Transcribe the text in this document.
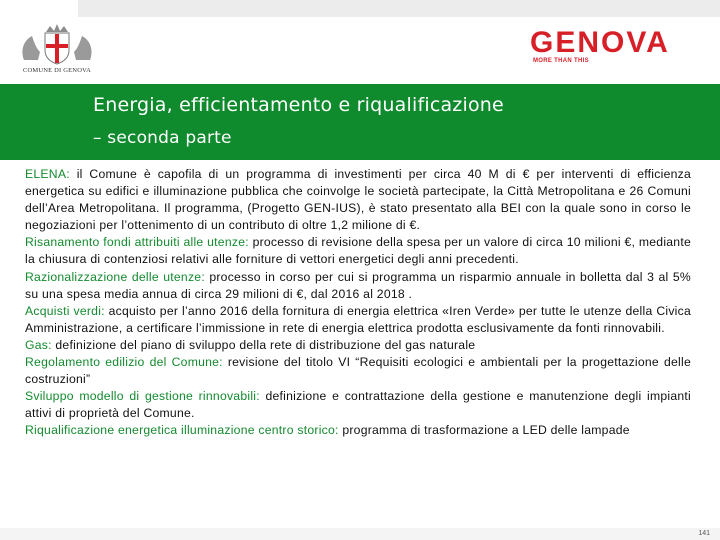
COMUNE DI GENOVA
GENOVA
MORE THAN THIS
Energia, efficientamento e riqualificazione
– seconda parte

ELENA: il Comune è capofila di un programma di investimenti per circa 40 M di € per interventi di efficienza energetica su edifici e illuminazione pubblica che coinvolge le società partecipate, la Città Metropolitana e 26 Comuni dell’Area Metropolitana. Il programma, (Progetto GEN-IUS), è stato presentato alla BEI con la quale sono in corso le negoziazioni per l’ottenimento di un contributo di oltre 1,2 milione di €.

Risanamento fondi attribuiti alle utenze: processo di revisione della spesa per un valore di circa 10 milioni €, mediante la chiusura di contenziosi relativi alle forniture di vettori energetici degli anni precedenti.

Razionalizzazione delle utenze: processo in corso per cui si programma un risparmio annuale in bolletta dal 3 al 5% su una spesa media annua di circa 29 milioni di €, dal 2016 al 2018 .

Acquisti verdi: acquisto per l’anno 2016 della fornitura di energia elettrica «Iren Verde» per tutte le utenze della Civica Amministrazione, a certificare l’immissione in rete di energia elettrica prodotta esclusivamente da fonti rinnovabili.

Gas: definizione del piano di sviluppo della rete di distribuzione del gas naturale

Regolamento edilizio del Comune: revisione del titolo VI “Requisiti ecologici e ambientali per la progettazione delle costruzioni”

Sviluppo modello di gestione rinnovabili: definizione e contrattazione della gestione e manutenzione degli impianti attivi di proprietà del Comune.

Riqualificazione energetica illuminazione centro storico: programma di trasformazione a LED delle lampade

141
